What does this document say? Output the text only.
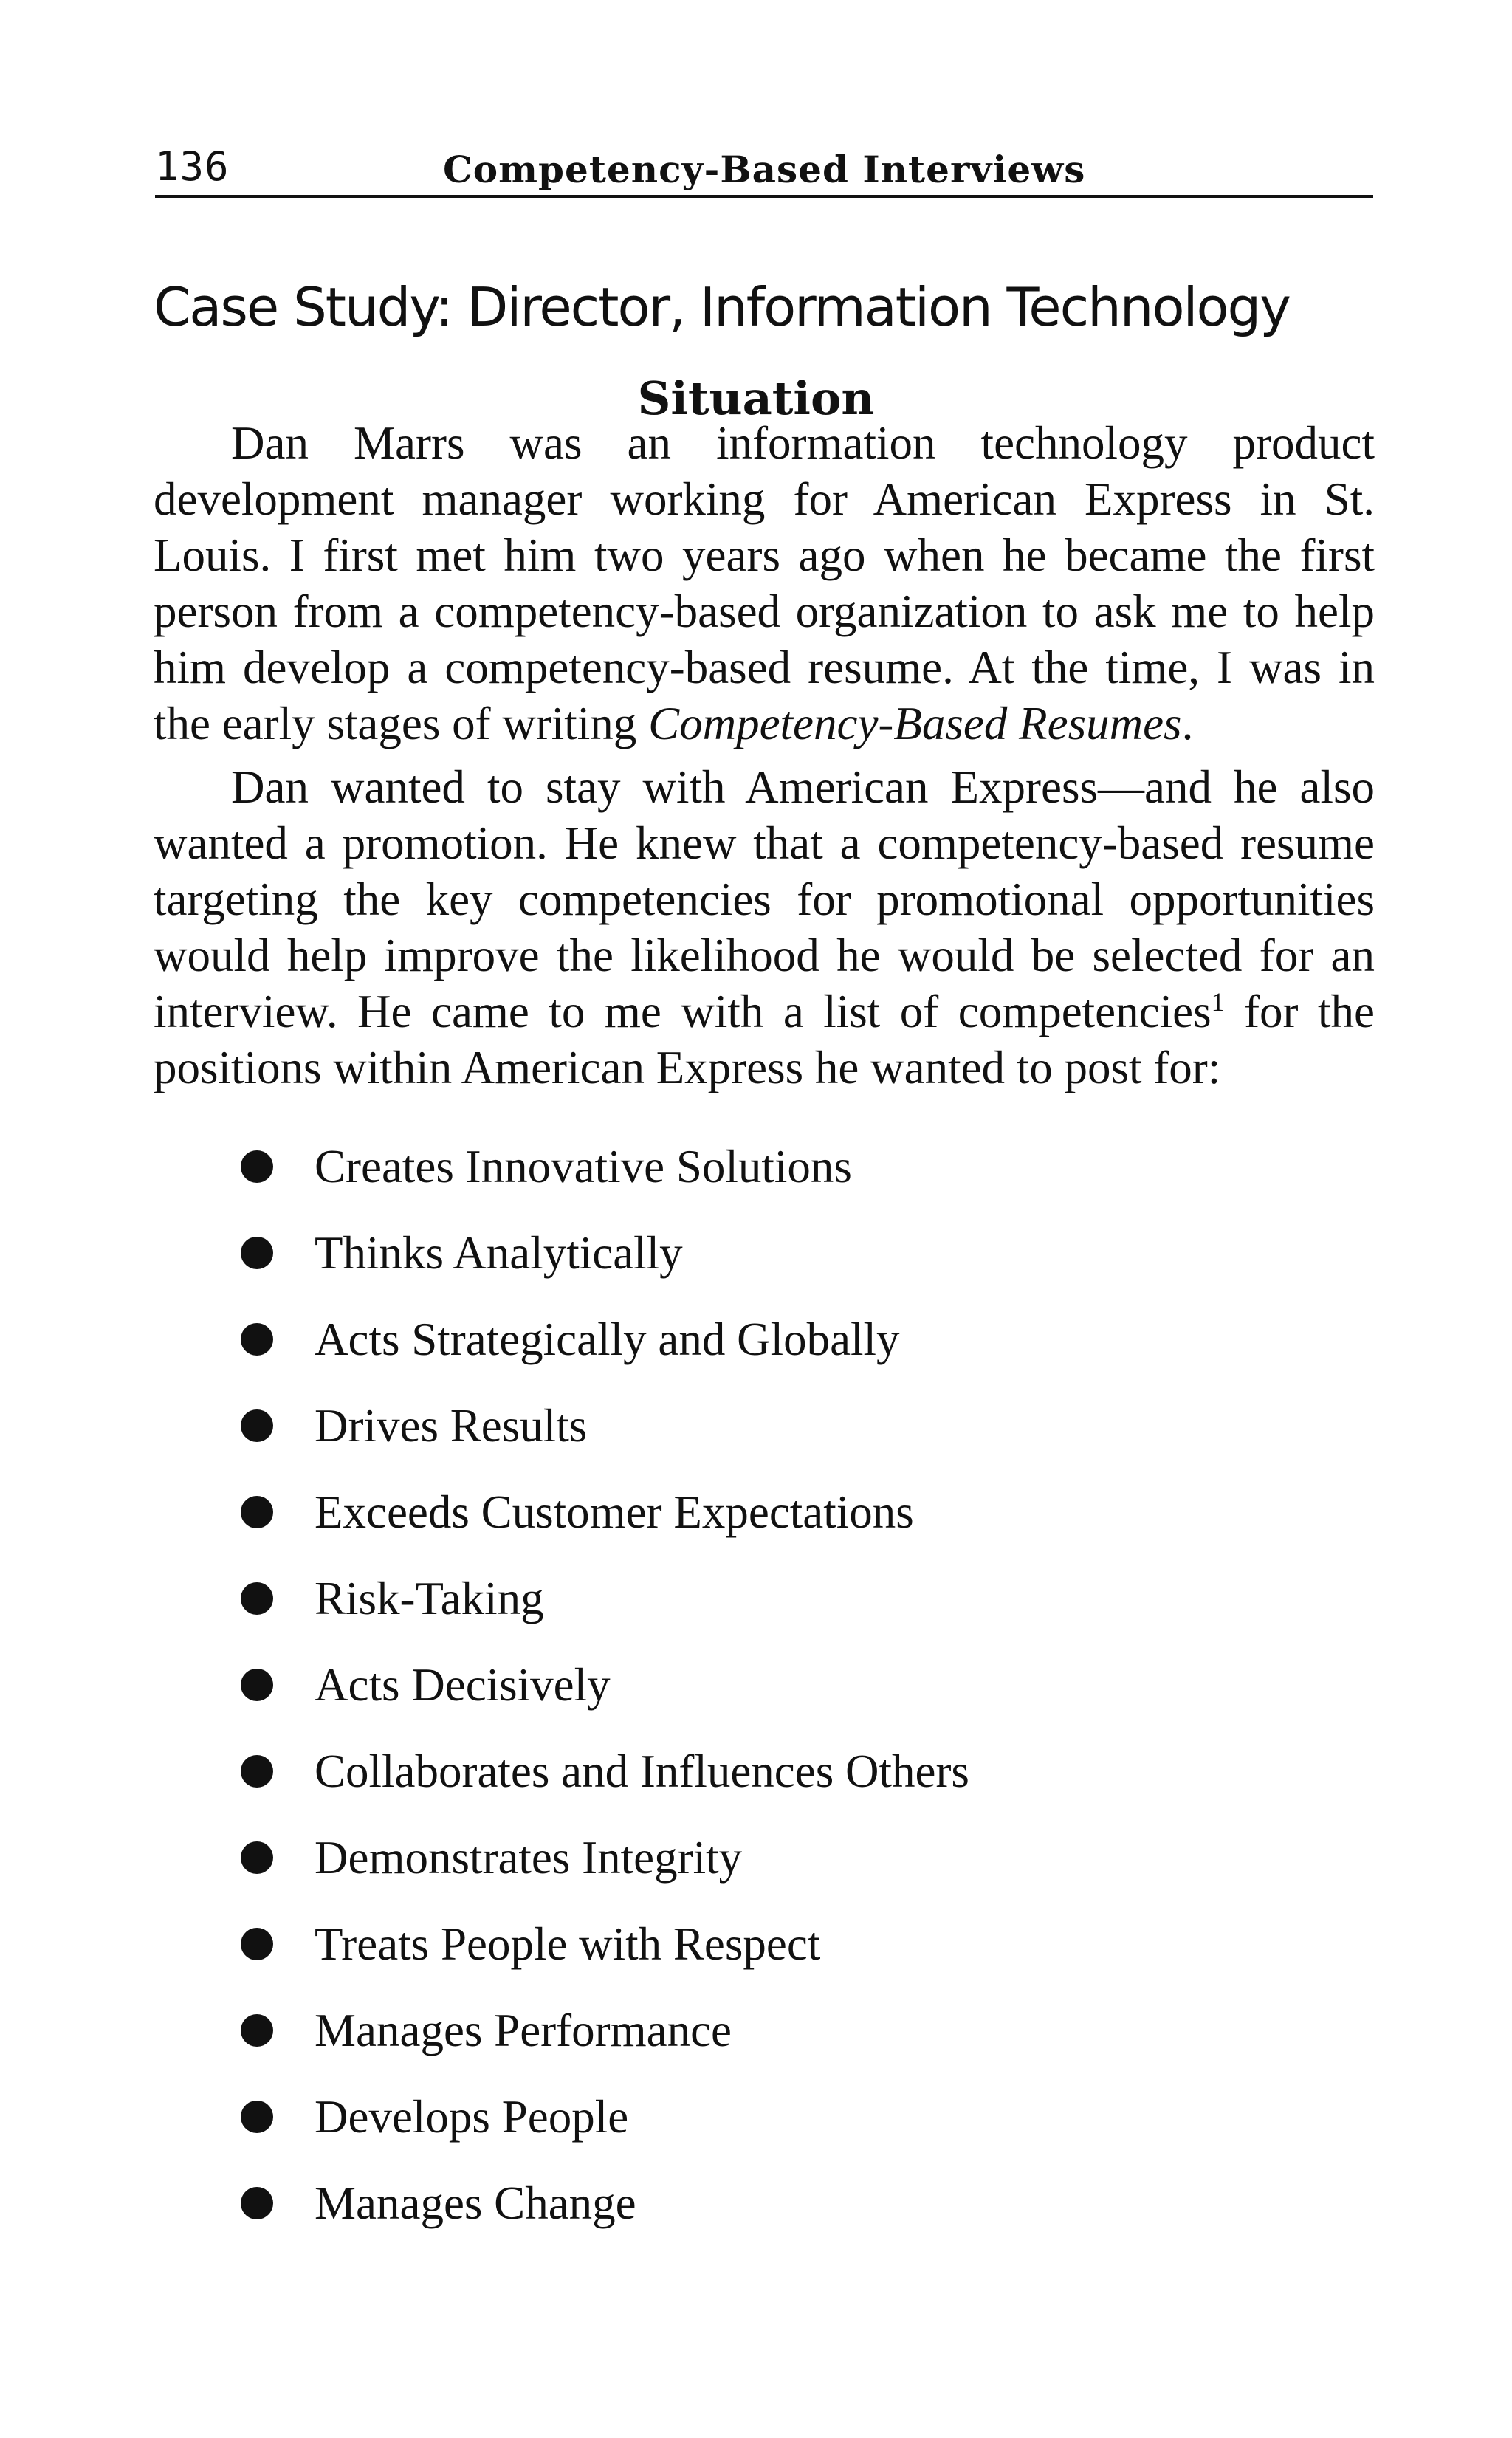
136	Competency-Based Interviews
Case Study: Director, Information Technology
Situation

Dan Marrs was an information technology product development manager working for American Express in St. Louis. I first met him two years ago when he became the first person from a competency-based organization to ask me to help him develop a competency-based resume. At the time, I was in the early stages of writing Competency-Based Resumes.

Dan wanted to stay with American Express—and he also wanted a promotion. He knew that a competency-based resume targeting the key competencies for promotional opportunities would help improve the likelihood he would be selected for an interview. He came to me with a list of competencies$^1$ for the positions within American Express he wanted to post for:

Creates Innovative Solutions
Thinks Analytically
Acts Strategically and Globally
Drives Results
Exceeds Customer Expectations
Risk-Taking
Acts Decisively
Collaborates and Influences Others
Demonstrates Integrity
Treats People with Respect
Manages Performance
Develops People
Manages Change
